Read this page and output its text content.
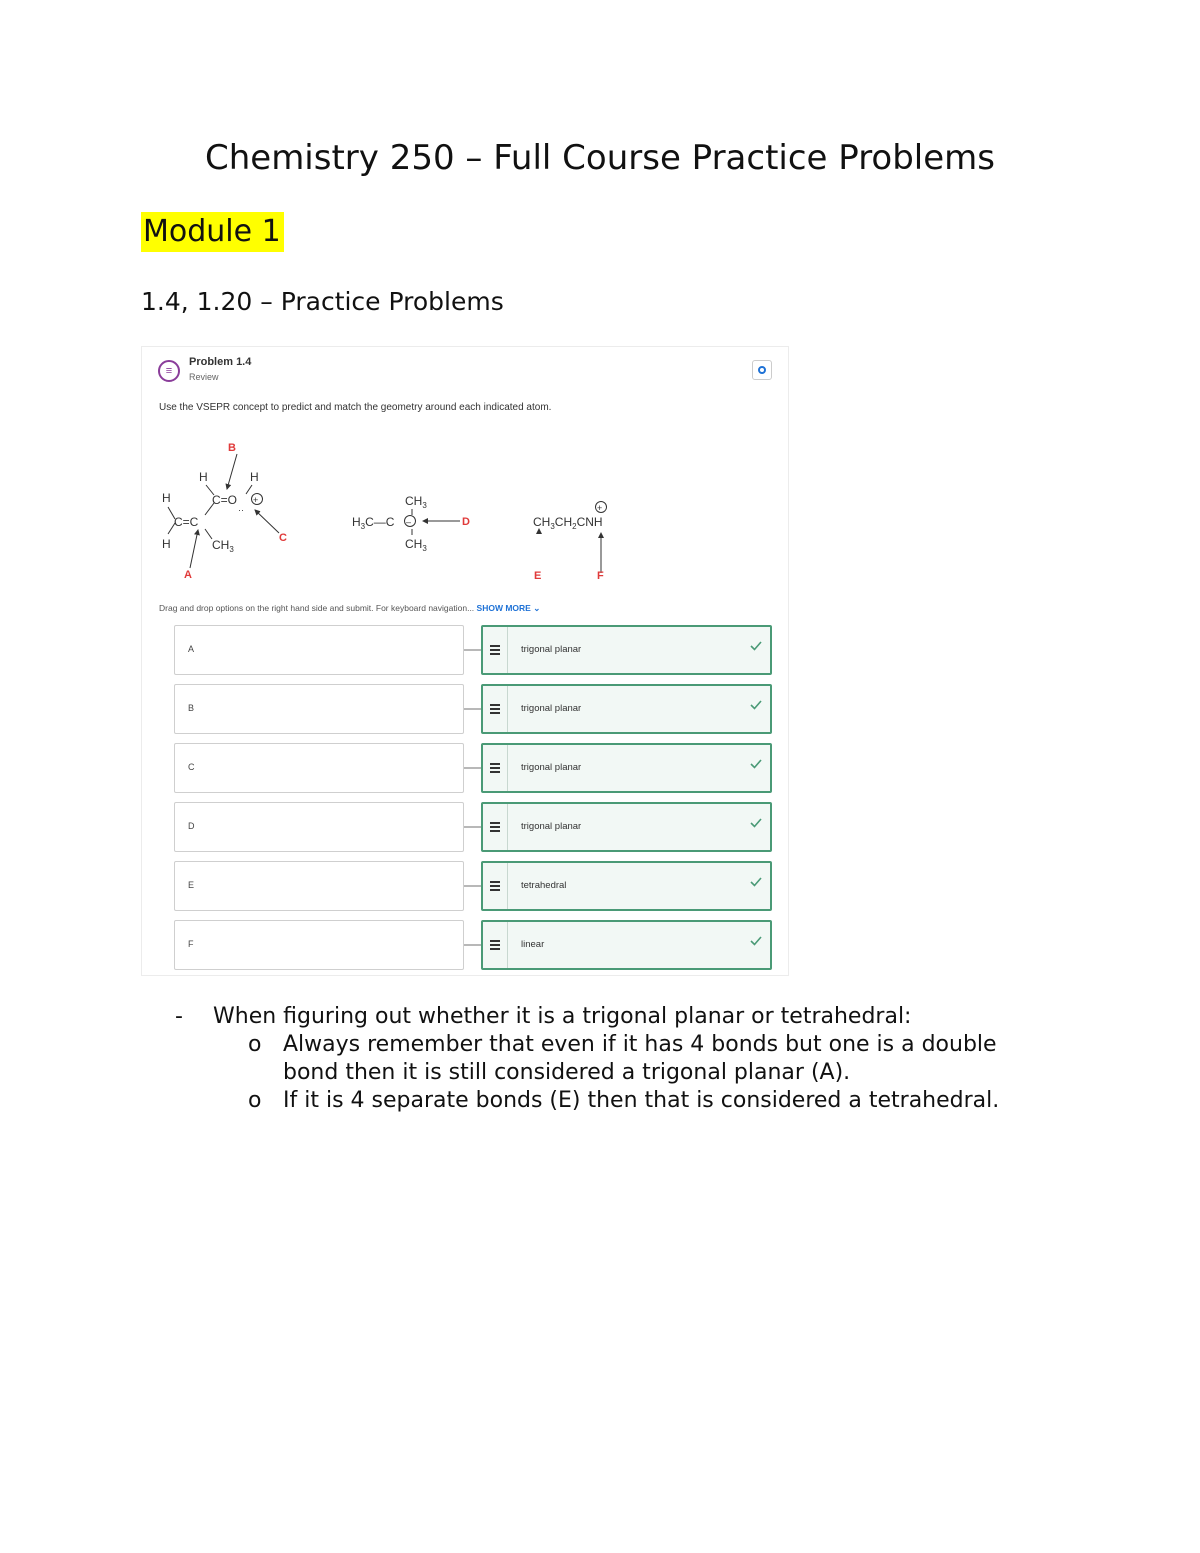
Chemistry 250 – Full Course Practice Problems
Module 1
1.4, 1.20 – Practice Problems
≡
Problem 1.4
Review
Use the VSEPR concept to predict and match the geometry around each indicated atom.
H
H
C=C
H
C=O +
··
H
$CH_3$
$CH_3$
$H_3C—C$ –
$CH_3$
+
$CH_3CH_2CNH$
B
C
A
D
E	F
Drag and drop options on the right hand side and submit. For keyboard navigation... SHOW MORE ⌄
A	trigonal planar
B	trigonal planar
C	trigonal planar
D	trigonal planar
E	tetrahedral
F	linear
- When figuring out whether it is a trigonal planar or tetrahedral:
o Always remember that even if it has 4 bonds but one is a double
bond then it is still considered a trigonal planar (A).
o If it is 4 separate bonds (E) then that is considered a tetrahedral.
